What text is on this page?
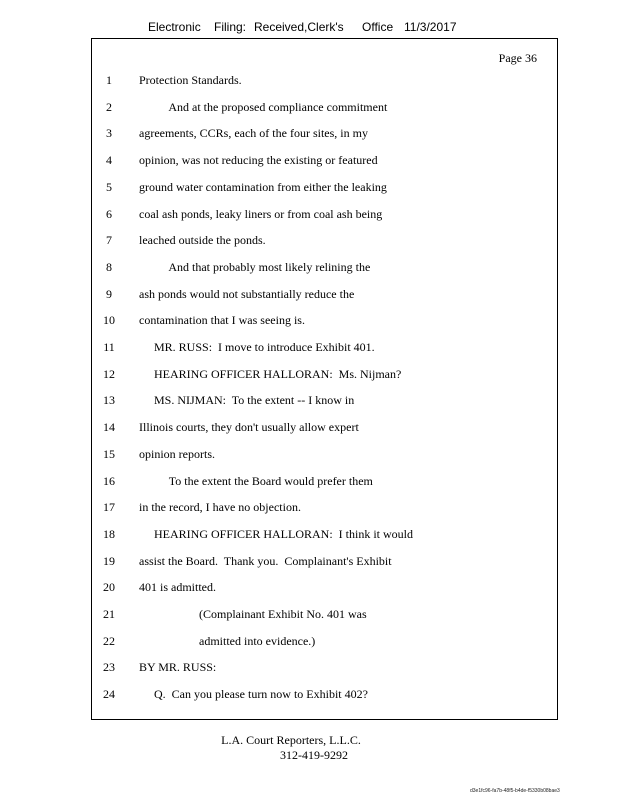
Electronic Filing: Received,Clerk's Office 11/3/2017
Page 36
1	Protection Standards.
2	And at the proposed compliance commitment
3	agreements, CCRs, each of the four sites, in my
4	opinion, was not reducing the existing or featured
5	ground water contamination from either the leaking
6	coal ash ponds, leaky liners or from coal ash being
7	leached outside the ponds.
8	And that probably most likely relining the
9	ash ponds would not substantially reduce the
10	contamination that I was seeing is.
11	MR. RUSS:  I move to introduce Exhibit 401.
12	HEARING OFFICER HALLORAN:  Ms. Nijman?
13	MS. NIJMAN:  To the extent -- I know in
14	Illinois courts, they don't usually allow expert
15	opinion reports.
16	To the extent the Board would prefer them
17	in the record, I have no objection.
18	HEARING OFFICER HALLORAN:  I think it would
19	assist the Board.  Thank you.  Complainant's Exhibit
20	401 is admitted.
21	(Complainant Exhibit No. 401 was
22	admitted into evidence.)
23	BY MR. RUSS:
24	Q.  Can you please turn now to Exhibit 402?
L.A. Court Reporters, L.L.C.
312-419-9292
d3e1fc96-fa7b-48f5-b4de-f5330b08bae3
